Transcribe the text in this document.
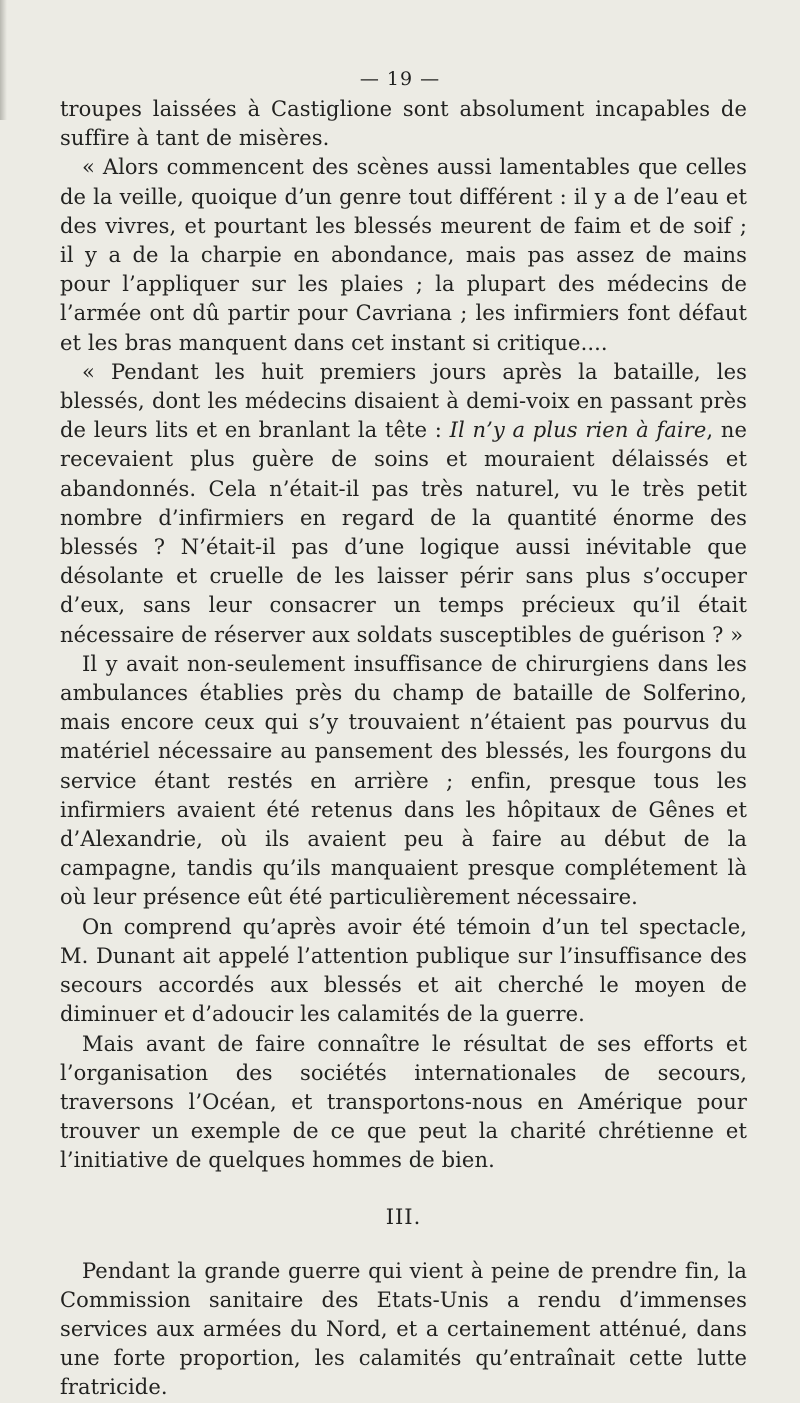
— 19 —

troupes laissées à Castiglione sont absolument incapables de suffire à tant de misères.

« Alors commencent des scènes aussi lamentables que celles de la veille, quoique d’un genre tout différent : il y a de l’eau et des vivres, et pourtant les blessés meurent de faim et de soif ; il y a de la charpie en abondance, mais pas assez de mains pour l’appliquer sur les plaies ; la plupart des médecins de l’armée ont dû partir pour Cavriana ; les infirmiers font défaut et les bras manquent dans cet instant si critique....

« Pendant les huit premiers jours après la bataille, les blessés, dont les médecins disaient à demi-voix en passant près de leurs lits et en branlant la tête : Il n’y a plus rien à faire, ne recevaient plus guère de soins et mouraient délaissés et abandonnés. Cela n’était-il pas très naturel, vu le très petit nombre d’infirmiers en regard de la quantité énorme des blessés ? N’était-il pas d’une logique aussi inévitable que désolante et cruelle de les laisser périr sans plus s’occuper d’eux, sans leur consacrer un temps précieux qu’il était nécessaire de réserver aux soldats susceptibles de guérison ? »

Il y avait non-seulement insuffisance de chirurgiens dans les ambulances établies près du champ de bataille de Solferino, mais encore ceux qui s’y trouvaient n’étaient pas pourvus du matériel nécessaire au pansement des blessés, les fourgons du service étant restés en arrière ; enfin, presque tous les infirmiers avaient été retenus dans les hôpitaux de Gênes et d’Alexandrie, où ils avaient peu à faire au début de la campagne, tandis qu’ils manquaient presque complétement là où leur présence eût été particulièrement nécessaire.

On comprend qu’après avoir été témoin d’un tel spectacle, M. Dunant ait appelé l’attention publique sur l’insuffisance des secours accordés aux blessés et ait cherché le moyen de diminuer et d’adoucir les calamités de la guerre.

Mais avant de faire connaître le résultat de ses efforts et l’organisation des sociétés internationales de secours, traversons l’Océan, et transportons-nous en Amérique pour trouver un exemple de ce que peut la charité chrétienne et l’initiative de quelques hommes de bien.

III.

Pendant la grande guerre qui vient à peine de prendre fin, la Commission sanitaire des Etats-Unis a rendu d’immenses services aux armées du Nord, et a certainement atténué, dans une forte proportion, les calamités qu’entraînait cette lutte fratricide.
